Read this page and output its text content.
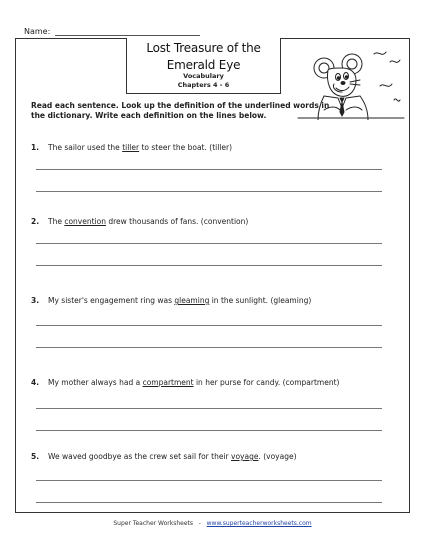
Name:
Lost Treasure of the
Emerald Eye
Vocabulary
Chapters 4 - 6
Read each sentence. Look up the definition of the underlined words in the dictionary. Write each definition on the lines below.
1. The sailor used the tiller to steer the boat. (tiller)
2. The convention drew thousands of fans. (convention)
3. My sister's engagement ring was gleaming in the sunlight. (gleaming)
4. My mother always had a compartment in her purse for candy. (compartment)
5. We waved goodbye as the crew set sail for their voyage. (voyage)
Super Teacher Worksheets - www.superteacherworksheets.com
